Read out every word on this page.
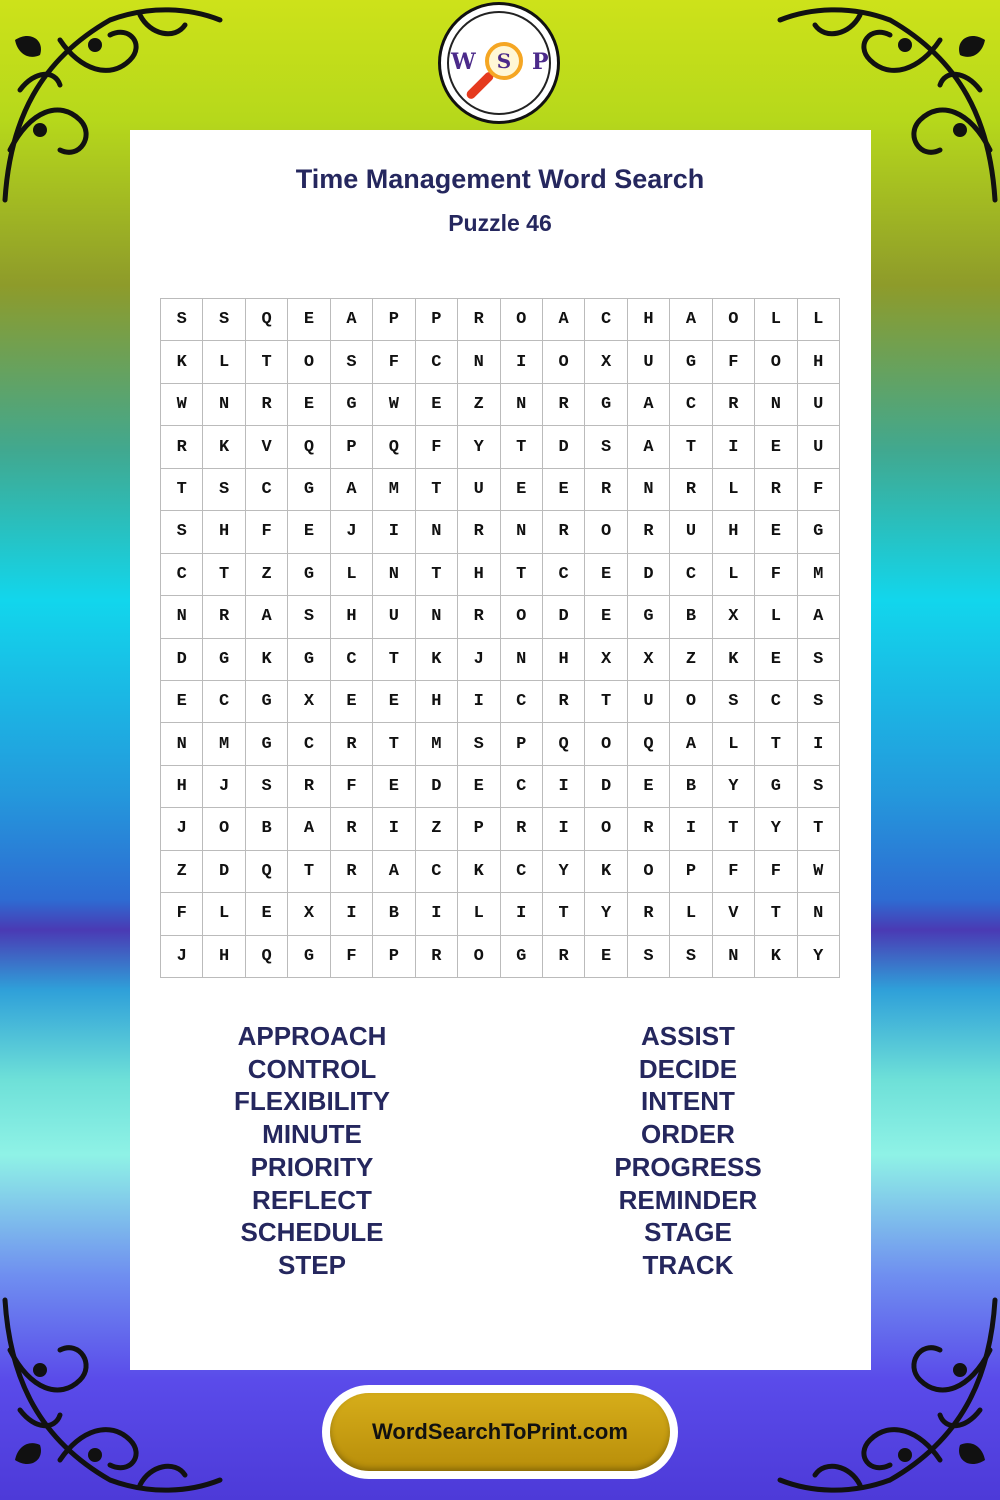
W	S P
Time Management Word Search
Puzzle 46
S	S	Q	E	A	P	P	R	O	A	C	H	A	O	L	L
K	L	T	O	S	F	C	N	I	O	X	U	G	F	O	H
W	N	R	E	G	W	E	Z	N	R	G	A	C	R	N	U
R	K	V	Q	P	Q	F	Y	T	D	S	A	T	I	E	U
T	S	C	G	A	M	T	U	E	E	R	N	R	L	R	F
S	H	F	E	J	I	N	R	N	R	O	R	U	H	E	G
C	T	Z	G	L	N	T	H	T	C	E	D	C	L	F	M
N	R	A	S	H	U	N	R	O	D	E	G	B	X	L	A
D	G	K	G	C	T	K	J	N	H	X	X	Z	K	E	S
E	C	G	X	E	E	H	I	C	R	T	U	O	S	C	S
N	M	G	C	R	T	M	S	P	Q	O	Q	A	L	T	I
H	J	S	R	F	E	D	E	C	I	D	E	B	Y	G	S
J	O	B	A	R	I	Z	P	R	I	O	R	I	T	Y	T
Z	D	Q	T	R	A	C	K	C	Y	K	O	P	F	F	W
F	L	E	X	I	B	I	L	I	T	Y	R	L	V	T	N
J	H	Q	G	F	P	R	O	G	R	E	S	S	N	K	Y
APPROACH
CONTROL
FLEXIBILITY
MINUTE
PRIORITY
REFLECT
SCHEDULE
STEP
ASSIST
DECIDE
INTENT
ORDER
PROGRESS
REMINDER
STAGE
TRACK
WordSearchToPrint.com
